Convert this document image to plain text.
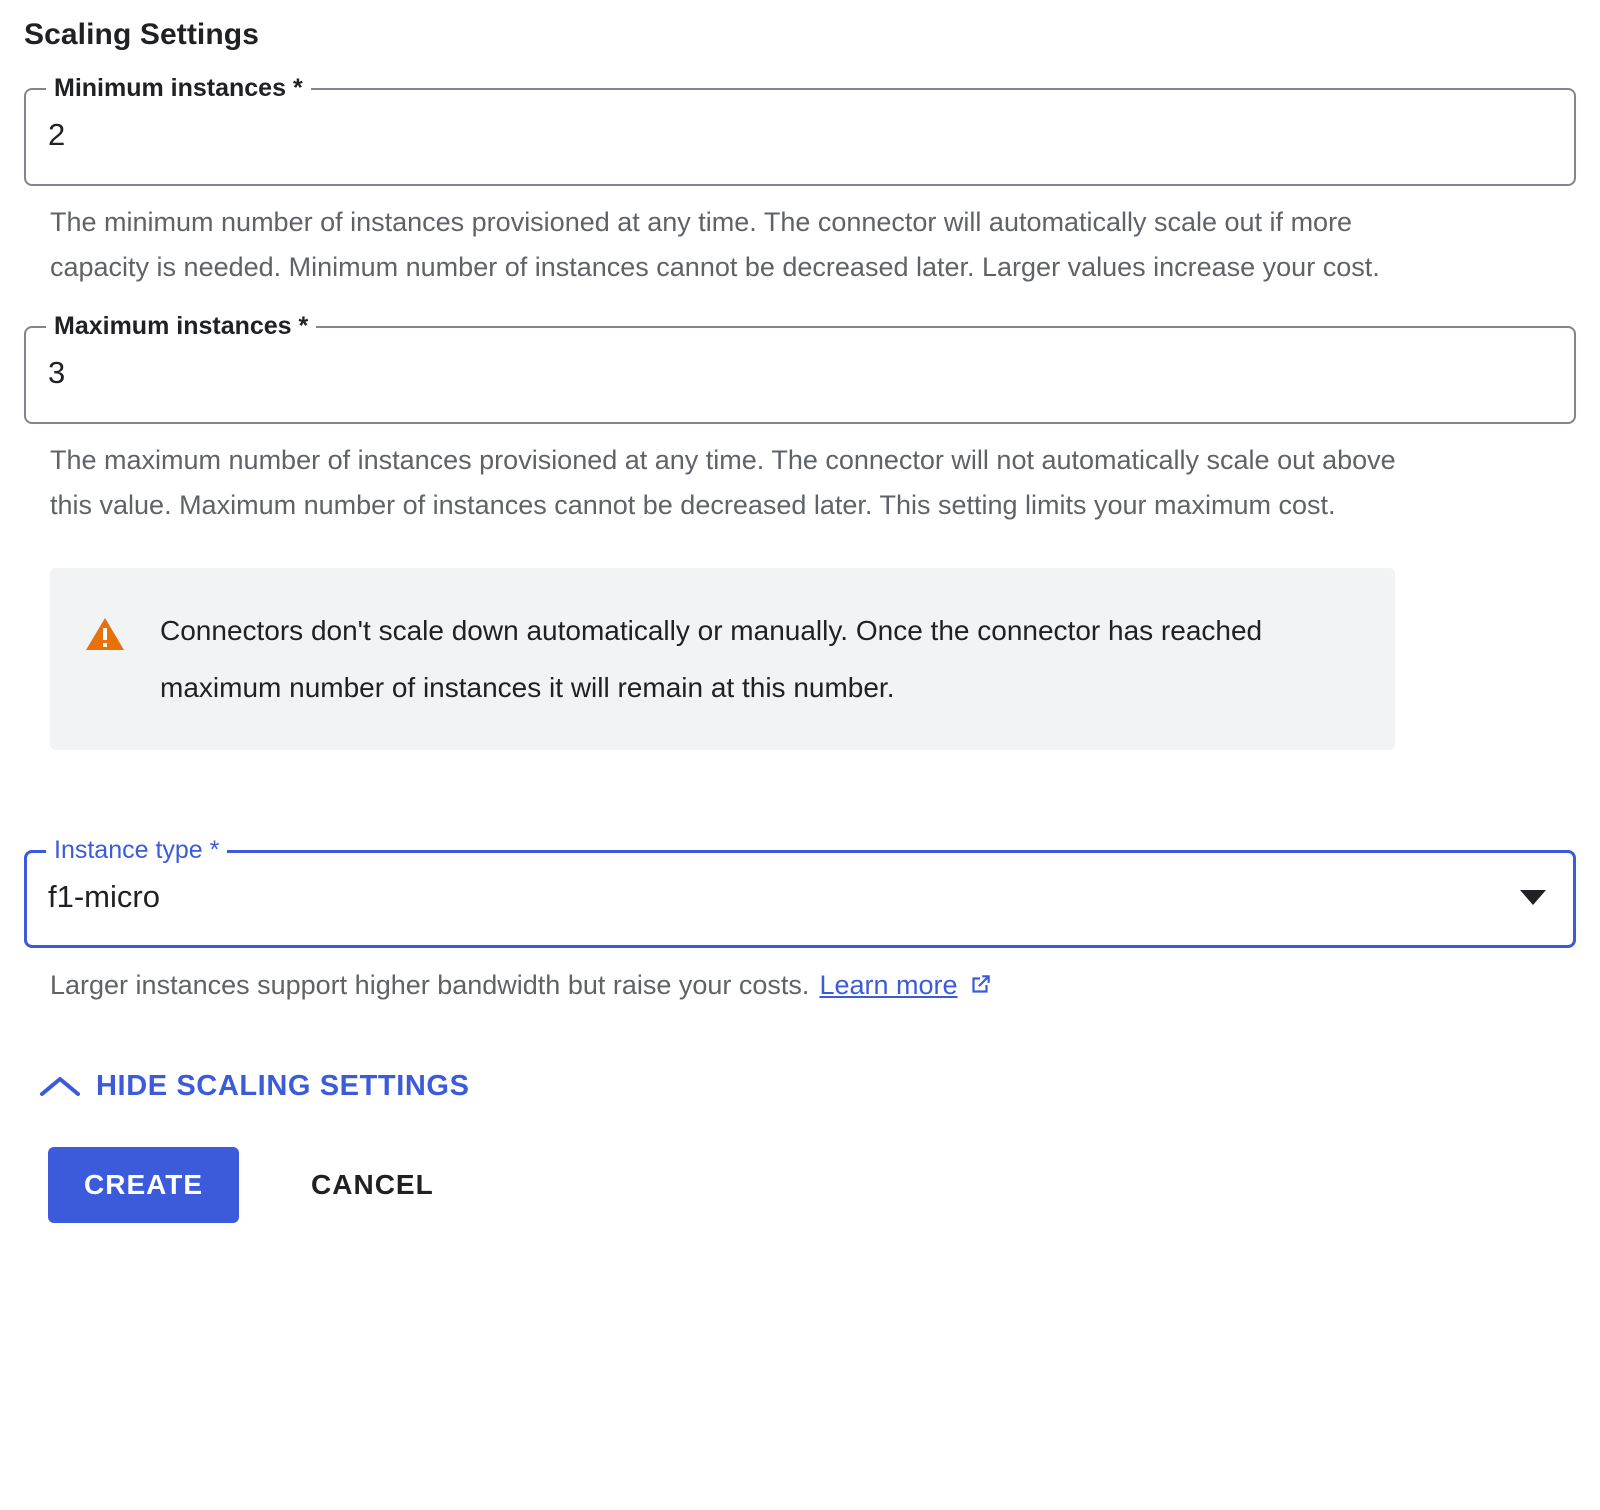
Scaling Settings
Minimum instances *
2
The minimum number of instances provisioned at any time. The connector will automatically scale out if more capacity is needed. Minimum number of instances cannot be decreased later. Larger values increase your cost.
Maximum instances *
3
The maximum number of instances provisioned at any time. The connector will not automatically scale out above this value. Maximum number of instances cannot be decreased later. This setting limits your maximum cost.
Connectors don't scale down automatically or manually. Once the connector has reached maximum number of instances it will remain at this number.
Instance type *
f1-micro
Larger instances support higher bandwidth but raise your costs. Learn more
HIDE SCALING SETTINGS
CREATE	CANCEL
